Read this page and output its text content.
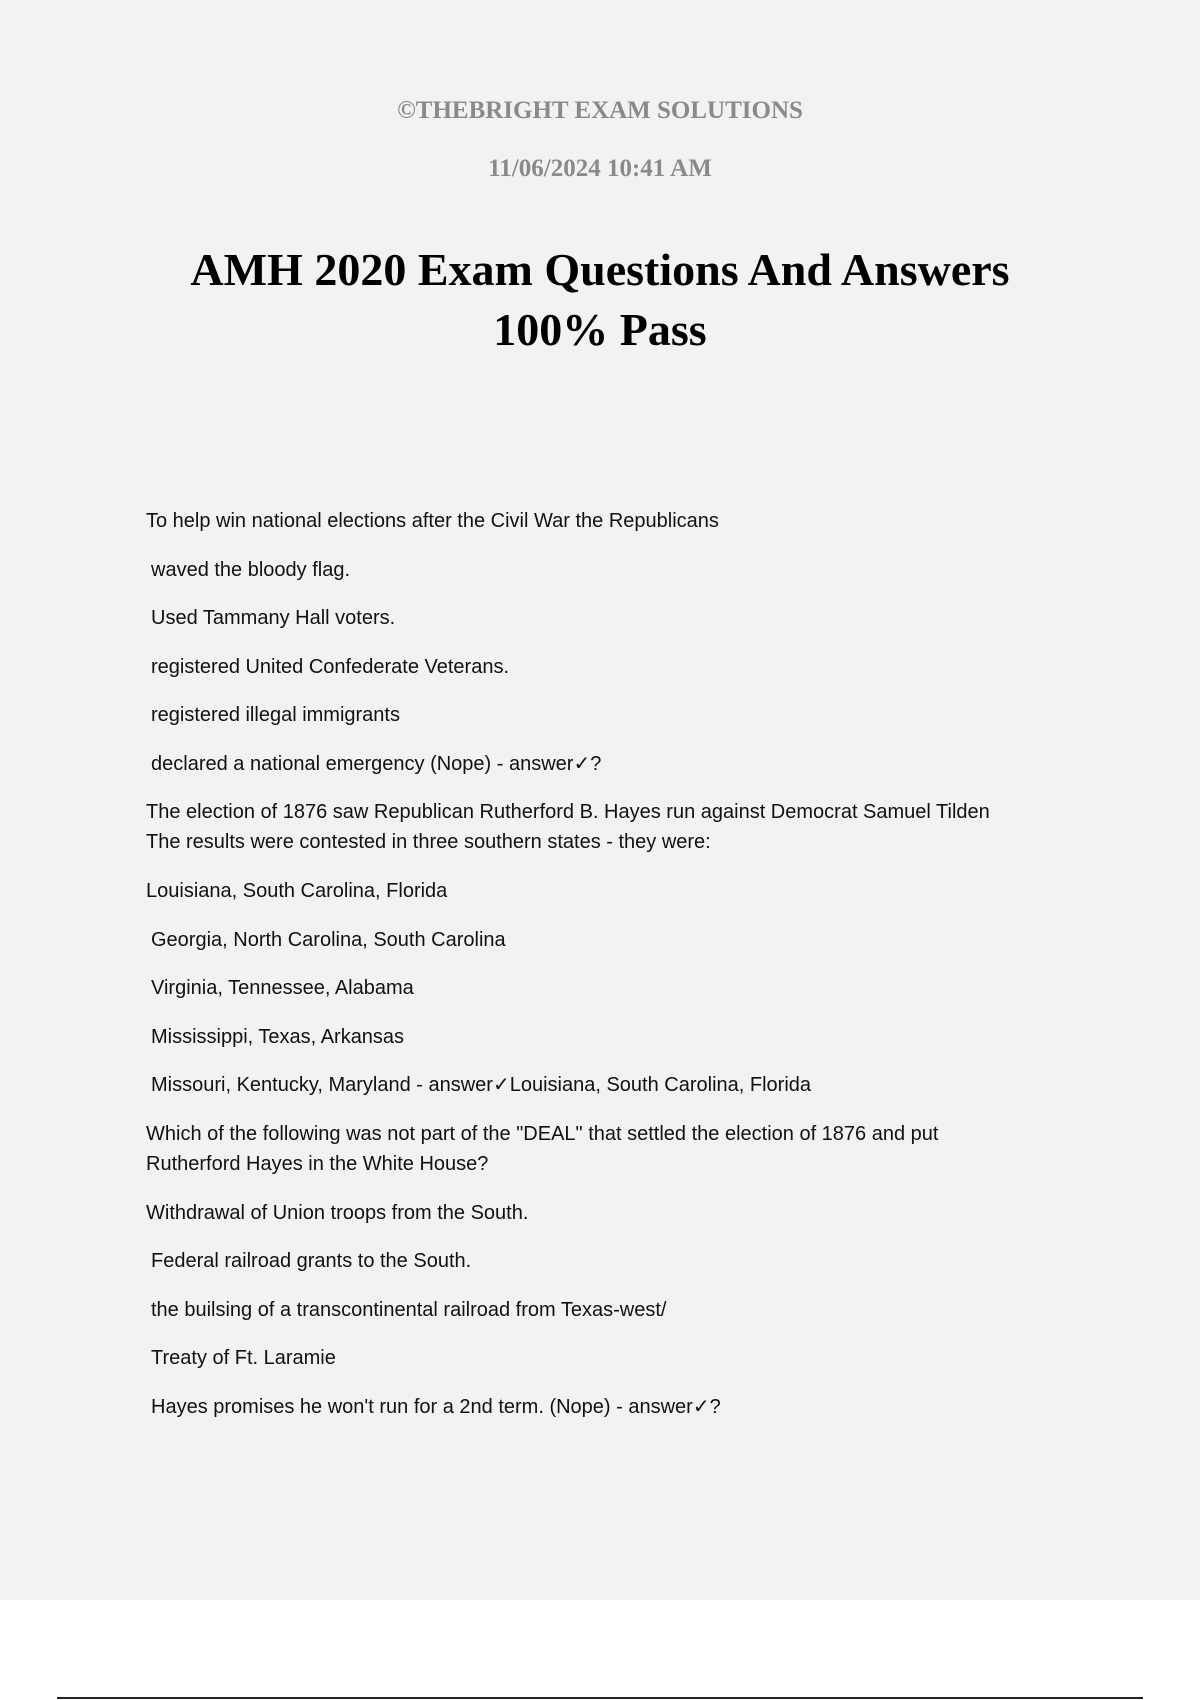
©THEBRIGHT EXAM SOLUTIONS
11/06/2024 10:41 AM
AMH 2020 Exam Questions And Answers
100% Pass
To help win national elections after the Civil War the Republicans
waved the bloody flag.
Used Tammany Hall voters.
registered United Confederate Veterans.
registered illegal immigrants
declared a national emergency (Nope) - answer✓?
The election of 1876 saw Republican Rutherford B. Hayes run against Democrat Samuel Tilden
The results were contested in three southern states - they were:
Louisiana, South Carolina, Florida
Georgia, North Carolina, South Carolina
Virginia, Tennessee, Alabama
Mississippi, Texas, Arkansas
Missouri, Kentucky, Maryland - answer✓Louisiana, South Carolina, Florida
Which of the following was not part of the "DEAL" that settled the election of 1876 and put
Rutherford Hayes in the White House?
Withdrawal of Union troops from the South.
Federal railroad grants to the South.
the builsing of a transcontinental railroad from Texas-west/
Treaty of Ft. Laramie
Hayes promises he won't run for a 2nd term. (Nope) - answer✓?
